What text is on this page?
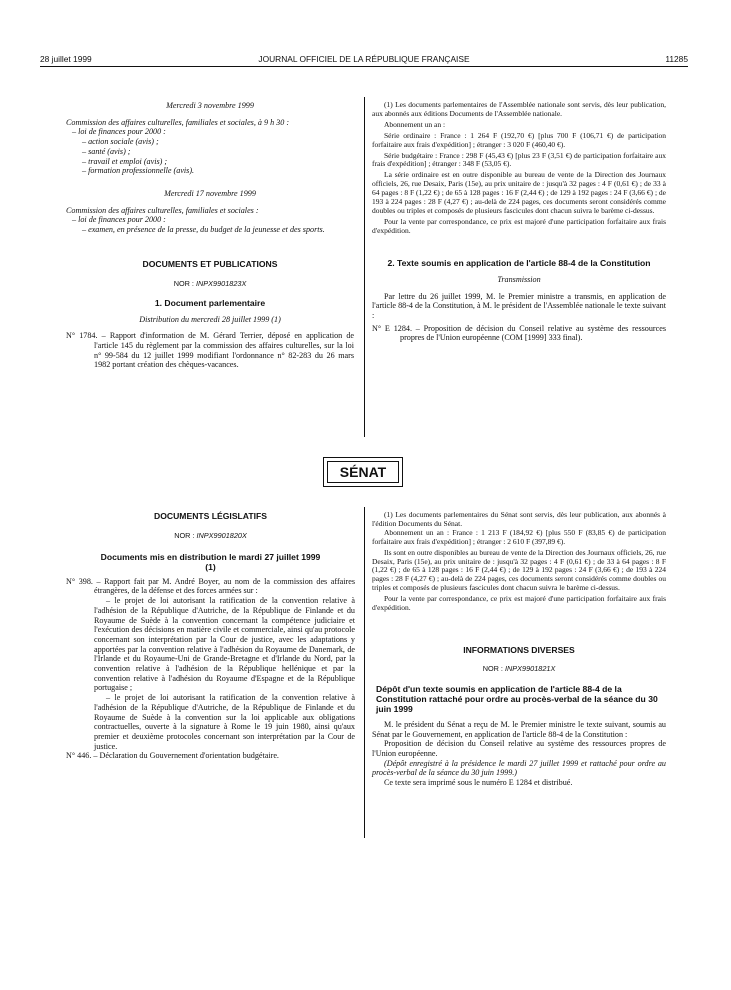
28 juillet 1999	JOURNAL OFFICIEL DE LA RÉPUBLIQUE FRANÇAISE	11285

Mercredi 3 novembre 1999

Commission des affaires culturelles, familiales et sociales, à 9 h 30 :

– loi de finances pour 2000 :

– action sociale (avis) ;

– santé (avis) ;

– travail et emploi (avis) ;

– formation professionnelle (avis).

Mercredi 17 novembre 1999

Commission des affaires culturelles, familiales et sociales :

– loi de finances pour 2000 :

– examen, en présence de la presse, du budget de la jeunesse et des sports.

DOCUMENTS ET PUBLICATIONS

NOR : INPX9901823X

1. Document parlementaire

Distribution du mercredi 28 juillet 1999 (1)

N° 1784. – Rapport d'information de M. Gérard Terrier, déposé en application de l'article 145 du règlement par la commission des affaires culturelles, sur la loi n° 99-584 du 12 juillet 1999 modifiant l'ordonnance n° 82-283 du 26 mars 1982 portant création des chèques-vacances.

(1) Les documents parlementaires de l'Assemblée nationale sont servis, dès leur publication, aux abonnés aux éditions Documents de l'Assemblée nationale.

Abonnement un an :

Série ordinaire : France : 1 264 F (192,70 €) [plus 700 F (106,71 €) de participation forfaitaire aux frais d'expédition] ; étranger : 3 020 F (460,40 €).

Série budgétaire : France : 298 F (45,43 €) [plus 23 F (3,51 €) de participation forfaitaire aux frais d'expédition] ; étranger : 348 F (53,05 €).

La série ordinaire est en outre disponible au bureau de vente de la Direction des Journaux officiels, 26, rue Desaix, Paris (15e), au prix unitaire de : jusqu'à 32 pages : 4 F (0,61 €) ; de 33 à 64 pages : 8 F (1,22 €) ; de 65 à 128 pages : 16 F (2,44 €) ; de 129 à 192 pages : 24 F (3,66 €) ; de 193 à 224 pages : 28 F (4,27 €) ; au-delà de 224 pages, ces documents seront considérés comme doubles ou triples et composés de plusieurs fascicules dont chacun suivra le barème ci-dessus.

Pour la vente par correspondance, ce prix est majoré d'une participation forfaitaire aux frais d'expédition.

2. Texte soumis en application de l'article 88-4 de la Constitution

Transmission

Par lettre du 26 juillet 1999, M. le Premier ministre a transmis, en application de l'article 88-4 de la Constitution, à M. le président de l'Assemblée nationale le texte suivant :

N° E 1284. – Proposition de décision du Conseil relative au système des ressources propres de l'Union européenne (COM [1999] 333 final).

SÉNAT

DOCUMENTS LÉGISLATIFS

NOR : INPX9901820X

Documents mis en distribution le mardi 27 juillet 1999 (1)

N° 398. – Rapport fait par M. André Boyer, au nom de la commission des affaires étrangères, de la défense et des forces armées sur :

– le projet de loi autorisant la ratification de la convention relative à l'adhésion de la République d'Autriche, de la République de Finlande et du Royaume de Suède à la convention concernant la compétence judiciaire et l'exécution des décisions en matière civile et commerciale, ainsi qu'au protocole concernant son interprétation par la Cour de justice, avec les adaptations y apportées par la convention relative à l'adhésion du Royaume de Danemark, de l'Irlande et du Royaume-Uni de Grande-Bretagne et d'Irlande du Nord, par la convention relative à l'adhésion de la République hellénique et par la convention relative à l'adhésion du Royaume d'Espagne et de la République portugaise ;

– le projet de loi autorisant la ratification de la convention relative à l'adhésion de la République d'Autriche, de la République de Finlande et du Royaume de Suède à la convention sur la loi applicable aux obligations contractuelles, ouverte à la signature à Rome le 19 juin 1980, ainsi qu'aux premier et deuxième protocoles concernant son interprétation par la Cour de justice.

N° 446. – Déclaration du Gouvernement d'orientation budgétaire.

(1) Les documents parlementaires du Sénat sont servis, dès leur publication, aux abonnés à l'édition Documents du Sénat.

Abonnement un an : France : 1 213 F (184,92 €) [plus 550 F (83,85 €) de participation forfaitaire aux frais d'expédition] ; étranger : 2 610 F (397,89 €).

Ils sont en outre disponibles au bureau de vente de la Direction des Journaux officiels, 26, rue Desaix, Paris (15e), au prix unitaire de : jusqu'à 32 pages : 4 F (0,61 €) ; de 33 à 64 pages : 8 F (1,22 €) ; de 65 à 128 pages : 16 F (2,44 €) ; de 129 à 192 pages : 24 F (3,66 €) ; de 193 à 224 pages : 28 F (4,27 €) ; au-delà de 224 pages, ces documents seront considérés comme doubles ou triples et composés de plusieurs fascicules dont chacun suivra le barème ci-dessus.

Pour la vente par correspondance, ce prix est majoré d'une participation forfaitaire aux frais d'expédition.

INFORMATIONS DIVERSES

NOR : INPX9901821X

Dépôt d'un texte soumis en application de l'article 88-4 de la Constitution rattaché pour ordre au procès-verbal de la séance du 30 juin 1999

M. le président du Sénat a reçu de M. le Premier ministre le texte suivant, soumis au Sénat par le Gouvernement, en application de l'article 88-4 de la Constitution :

Proposition de décision du Conseil relative au système des ressources propres de l'Union européenne.

(Dépôt enregistré à la présidence le mardi 27 juillet 1999 et rattaché pour ordre au procès-verbal de la séance du 30 juin 1999.)

Ce texte sera imprimé sous le numéro E 1284 et distribué.
